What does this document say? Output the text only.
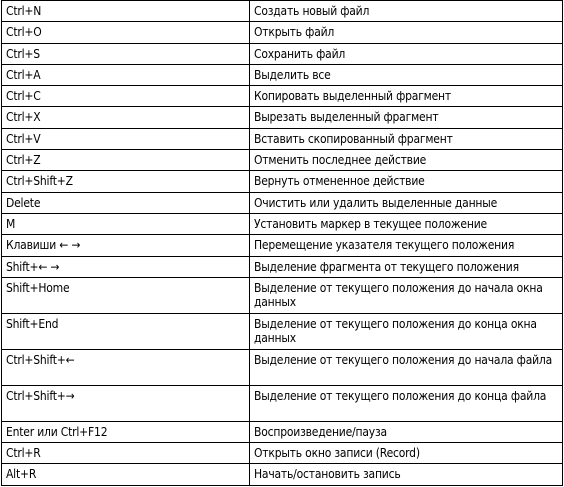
Ctrl+N	Создать новый файл
Ctrl+O	Открыть файл
Ctrl+S	Сохранить файл
Ctrl+A	Выделить все
Ctrl+C	Копировать выделенный фрагмент
Ctrl+X	Вырезать выделенный фрагмент
Ctrl+V	Вставить скопированный фрагмент
Ctrl+Z	Отменить последнее действие
Ctrl+Shift+Z	Вернуть отмененное действие
Delete	Очистить или удалить выделенные данные
M	Установить маркер в текущее положение
Клавиши ← →	Перемещение указателя текущего положения
Shift+← →	Выделение фрагмента от текущего положения
Shift+Home	Выделение от текущего положения до начала окна данных
Shift+End	Выделение от текущего положения до конца окна данных
Ctrl+Shift+←	Выделение от текущего положения до начала файла
Ctrl+Shift+→	Выделение от текущего положения до конца файла
Enter или Ctrl+F12	Воспроизведение/пауза
Ctrl+R	Открыть окно записи (Record)
Alt+R	Начать/остановить запись
